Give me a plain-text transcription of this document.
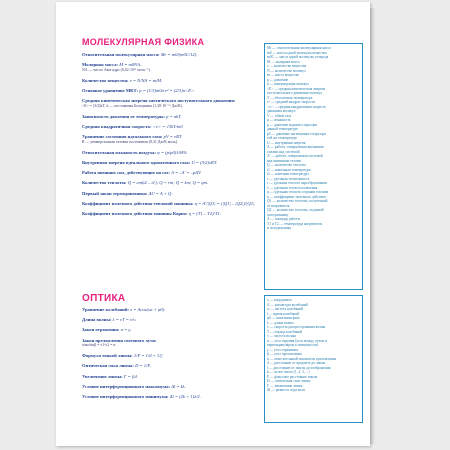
МОЛЕКУЛЯРНАЯ ФИЗИКА
Относительная молекулярная масса: Mr = m0/(m0C/12).
Молярная масса: M = m0NA,
NA — число Авогадро (6,02·10²³ моль⁻¹).
Количество вещества: ν = N/NA = m/M.
Основное уравнение МКТ: p = (1/3)m0n·v² = (2/3)n<E>.
Средняя кинетическая энергия хаотического поступательного движения:
<E> = (3/2)kT, k — постоянная Больцмана (1,38·10⁻²³ Дж/К).
Зависимость давления от температуры: p = nkT.
Средняя квадратичная скорость: <v> = √3kT/m0
Уравнение состояния идеального газа: pV = νRT.
R — универсальная газовая постоянная (8,31 Дж/К моль).
Относительная влажность воздуха: φ = (p/p0)100%
Внутренняя энергия идеального одноатомного газа: U = (3/2)νRT.
Работа внешних сил, действующих на газ: A = –A' = –pΔV.
Количество теплоты: Q = cm(t2 – t1); Q = rm; Q = λm; Q = qm.
Первый закон термодинамики: ΔU = A + Q .
Коэффициент полезного действия тепловой машины: η = A'/|Q1| = (|Q1| – |Q2|)/|Q1|.
Коэффициент полезного действия машины Карно: η = (T1 – T2)/T1.
Mr — относительная молекулярная масса
m0 — масса одной молекулы вещества
m0C — масса одной молекулы углерода
M — молярная масса
ν — количество вещества
N — количество молекул
m — масса вещества
p — давление
n — концентрация молекул
<E> — средняя кинетическая энергия
поступательного движения молекул
T — абсолютная температура
v² — средний квадрат скорости
<v> — средняя квадратичная скорость
движения молекул
V — объем газа
φ — влажность
p — давление водяного пара при
данной температуре
p0 — давление насыщенного пара при
той же температуре
U — внутренняя энергия
A — работа, совершаемая внешними
силами над системой
A' — работа, совершаемая системой
над внешними телами
Q — количество теплоты
t1 — начальная температура
t2 — конечная температура
c — удельная теплоемкость
r — удельная теплота парообразования
λ — удельная теплота плавления
q — удельная теплота сгорания топлива
η — коэффициент полезного действия
Q1 — количество теплоты, полученной
от нагревателя
Q2 — количество теплоты, отданной
холодильнику
A — площадь работы
T1 и T2 — температура нагревателя
и холодильника
ОПТИКА
Уравнение колебаний: x = Acos(ωt + φ0).
Длина волны: λ = vT = v/ν.
Закон отражения: α = γ.
Закон преломления светового луча:
sinα/sinβ = v1/v2 = n.
Формула тонкой линзы: 1/F = 1/d + 1/f.
Оптическая сила линзы: D = 1/F.
Увеличение линзы: Г = f/d.
Условие интерференционного максимума: Δl = kλ.
Условие интерференционного минимума: Δl = (2k + 1)λ/2.
x — координата
A — амплитуда колебаний
ω — частота колебаний
t — время колебаний
φ0 — начальная фаза
λ — длина волны
v — скорость распространения волны
T — период колебаний
ν — частота волны
α — угол падения (угол между лучом и
перпендикуляром к поверхности)
γ — угол отражения
β — угол преломления
n — относительный показатель преломления
d — расстояние от предмета до линзы
f — расстояние от линзы до изображения
k — целое число (1, 2, 3, ...)
F — фокусное расстояние линзы
D — оптическая сила линзы
Г — увеличение линзы
Δl — разность хода волн
